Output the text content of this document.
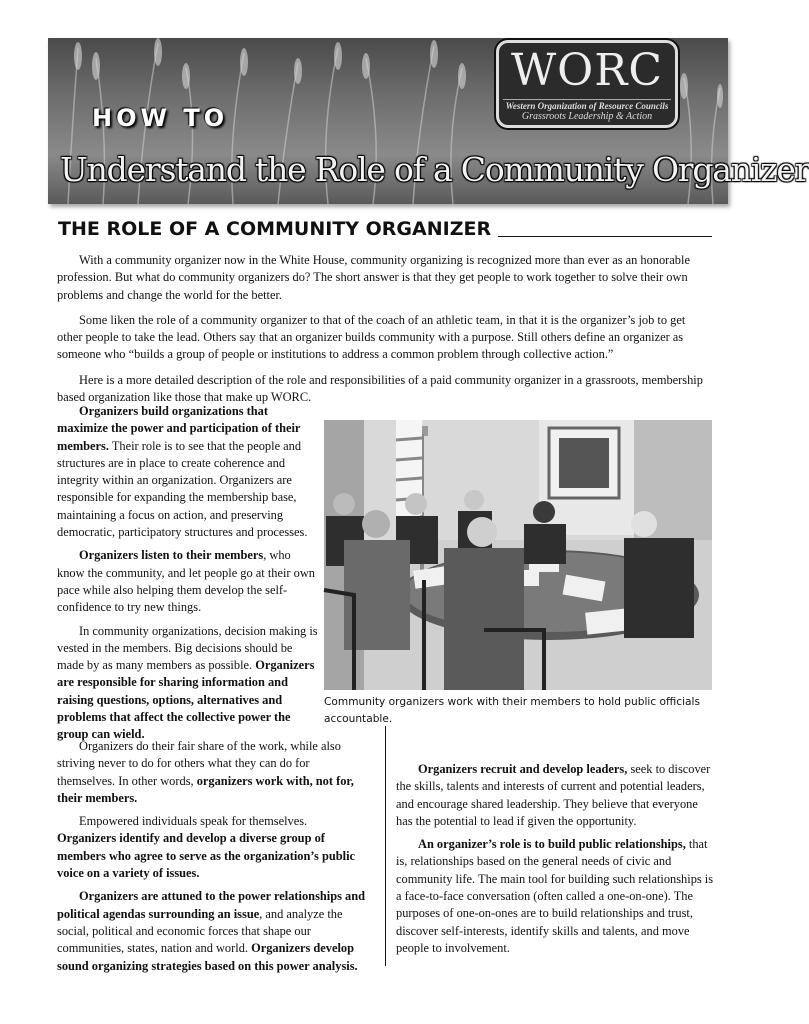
HOW TO
Understand the Role of a Community Organizer
WORC
Western Organization of Resource Councils
Grassroots Leadership & Action
THE ROLE OF A COMMUNITY ORGANIZER

With a community organizer now in the White House, community organizing is recognized more than ever as an honorable profession. But what do community organizers do? The short answer is that they get people to work together to solve their own problems and change the world for the better.

Some liken the role of a community organizer to that of the coach of an athletic team, in that it is the organizer’s job to get other people to take the lead. Others say that an organizer builds community with a purpose. Still others define an organizer as someone who “builds a group of people or institutions to address a common problem through collective action.”

Here is a more detailed description of the role and responsibilities of a paid community organizer in a grassroots, membership based organization like those that make up WORC.

Organizers build organizations that maximize the power and participation of their members. Their role is to see that the people and structures are in place to create coherence and integrity within an organization. Organizers are responsible for expanding the membership base, maintaining a focus on action, and preserving democratic, participatory structures and processes.

Organizers listen to their members, who know the community, and let people go at their own pace while also helping them develop the self-confidence to try new things.

In community organizations, decision making is vested in the members. Big decisions should be made by as many members as possible. Organizers are responsible for sharing information and raising questions, options, alternatives and problems that affect the collective power the group can wield.

Community organizers work with their members to hold public officials accountable.

Organizers do their fair share of the work, while also striving never to do for others what they can do for themselves. In other words, organizers work with, not for, their members.

Empowered individuals speak for themselves. Organizers identify and develop a diverse group of members who agree to serve as the organization’s public voice on a variety of issues.

Organizers are attuned to the power relationships and political agendas surrounding an issue, and analyze the social, political and economic forces that shape our communities, states, nation and world. Organizers develop sound organizing strategies based on this power analysis.

Organizers recruit and develop leaders, seek to discover the skills, talents and interests of current and potential leaders, and encourage shared leadership. They believe that everyone has the potential to lead if given the opportunity.

An organizer’s role is to build public relationships, that is, relationships based on the general needs of civic and community life. The main tool for building such relationships is a face-to-face conversation (often called a one-on-one). The purposes of one-on-ones are to build relationships and trust, discover self-interests, identify skills and talents, and move people to involvement.
